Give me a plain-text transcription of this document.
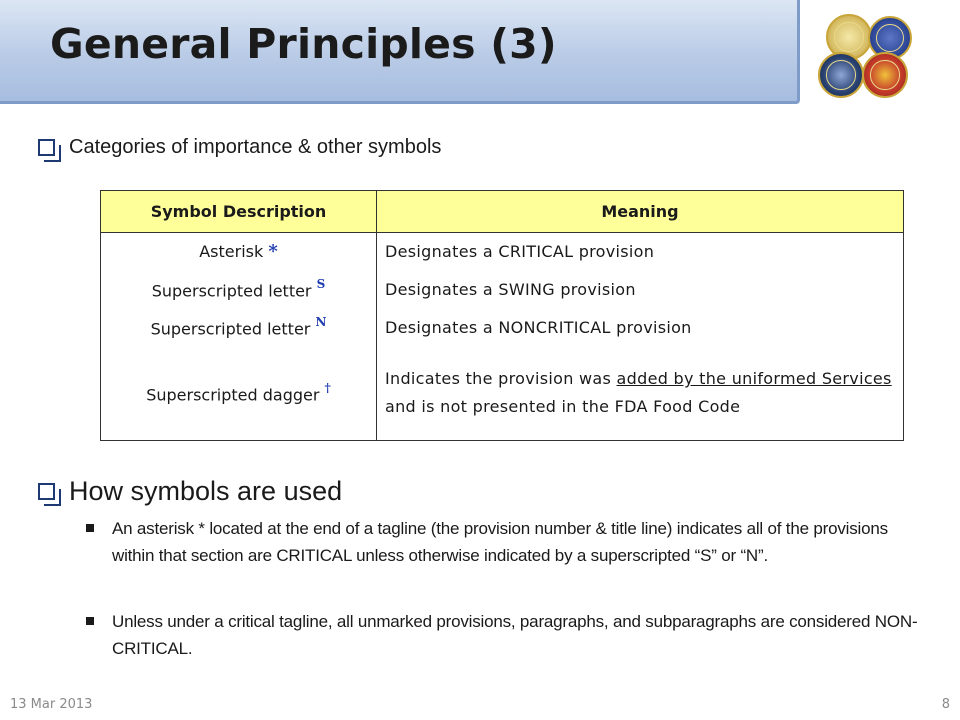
General Principles (3)
Categories of importance & other symbols
Symbol Description	Meaning
Asterisk *	Designates a CRITICAL provision
Superscripted letter $^S$	Designates a SWING provision
Superscripted letter $^N$	Designates a NONCRITICAL provision
Superscripted dagger †	Indicates the provision was added by the uniformed Services and is not presented in the FDA Food Code
How symbols are used
An asterisk * located at the end of a tagline (the provision number & title line) indicates all of the provisions within that section are CRITICAL unless otherwise indicated by a superscripted “S” or “N”.
Unless under a critical tagline, all unmarked provisions, paragraphs, and subparagraphs are considered NON-CRITICAL.
13 Mar 2013	8
